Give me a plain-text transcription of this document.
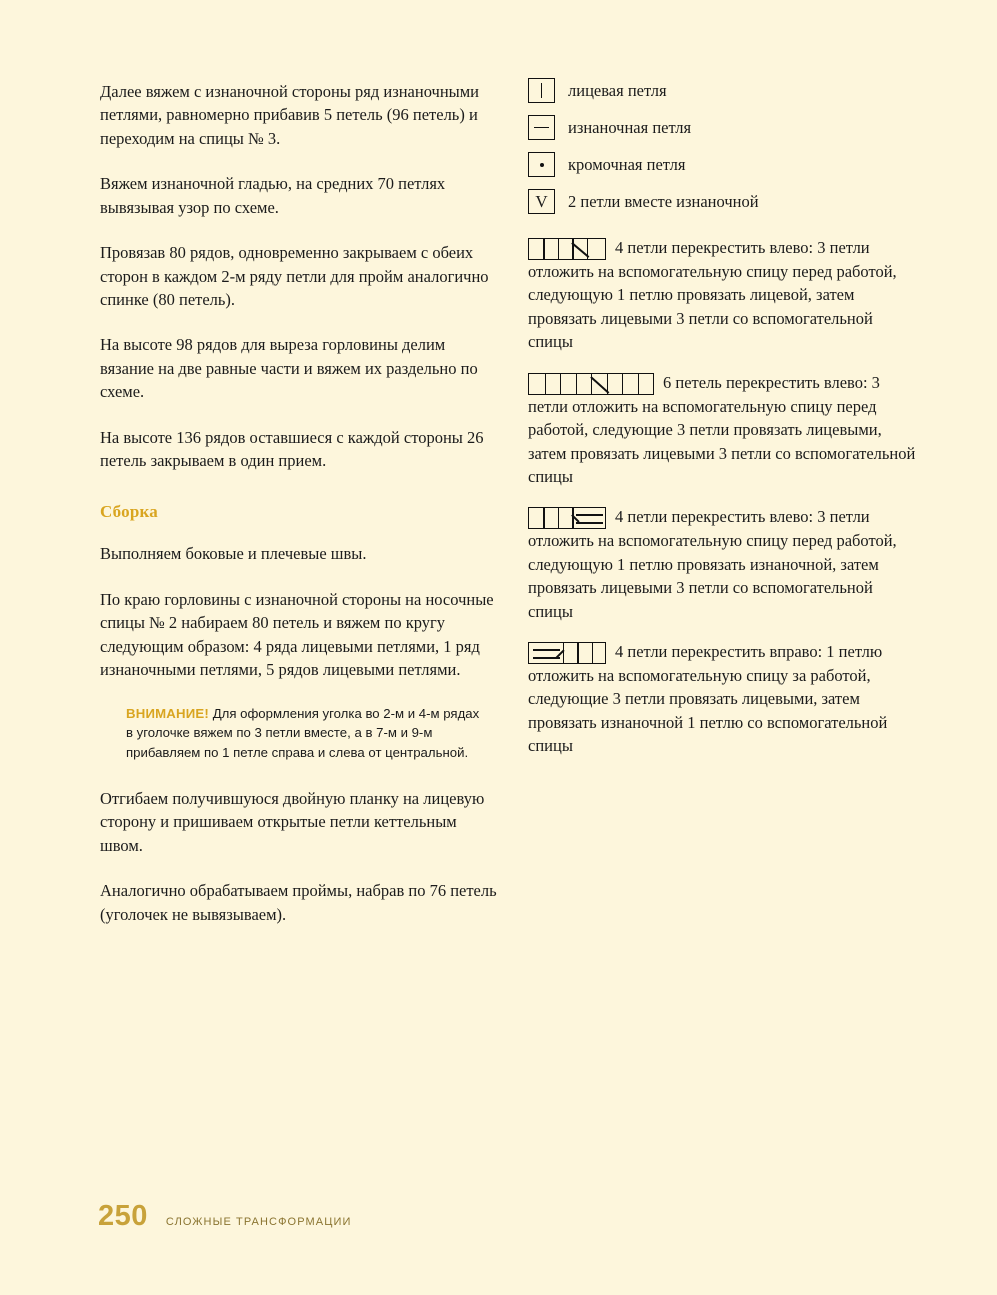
Далее вяжем с изнаночной стороны ряд изнаночными петлями, равномерно прибавив 5 петель (96 петель) и переходим на спицы № 3.

Вяжем изнаночной гладью, на средних 70 петлях вывязывая узор по схеме.

Провязав 80 рядов, одновременно закрываем с обеих сторон в каждом 2-м ряду петли для пройм аналогично спинке (80 петель).

На высоте 98 рядов для выреза горловины делим вязание на две равные части и вяжем их раздельно по схеме.

На высоте 136 рядов оставшиеся с каждой стороны 26 петель закрываем в один прием.

Сборка

Выполняем боковые и плечевые швы.

По краю горловины с изнаночной стороны на носочные спицы № 2 набираем 80 петель и вяжем по кругу следующим образом: 4 ряда лицевыми петлями, 1 ряд изнаночными петлями, 5 рядов лицевыми петлями.

ВНИМАНИЕ! Для оформления уголка во 2-м и 4-м рядах в уголочке вяжем по 3 петли вместе, а в 7-м и 9-м прибавляем по 1 петле справа и слева от центральной.

Отгибаем получившуюся двойную планку на лицевую сторону и пришиваем открытые петли кеттельным швом.

Аналогично обрабатываем проймы, набрав по 76 петель (уголочек не вывязываем).

лицевая петля
изнаночная петля
кромочная петля
V 2 петли вместе изнаночной
4 петли перекрестить влево: 3 петли отложить на вспомогательную спицу перед работой, следующую 1 петлю провязать лицевой, затем провязать лицевыми 3 петли со вспомогательной спицы
6 петель перекрестить влево: 3 петли отложить на вспомогательную спицу перед работой, следующие 3 петли провязать лицевыми, затем провязать лицевыми 3 петли со вспомогательной спицы
4 петли перекрестить влево: 3 петли отложить на вспомогательную спицу перед работой, следующую 1 петлю провязать изнаночной, затем провязать лицевыми 3 петли со вспомогательной спицы
4 петли перекрестить вправо: 1 петлю отложить на вспомогательную спицу за работой, следующие 3 петли провязать лицевыми, затем провязать изнаночной 1 петлю со вспомогательной спицы
250 СЛОЖНЫЕ ТРАНСФОРМАЦИИ
